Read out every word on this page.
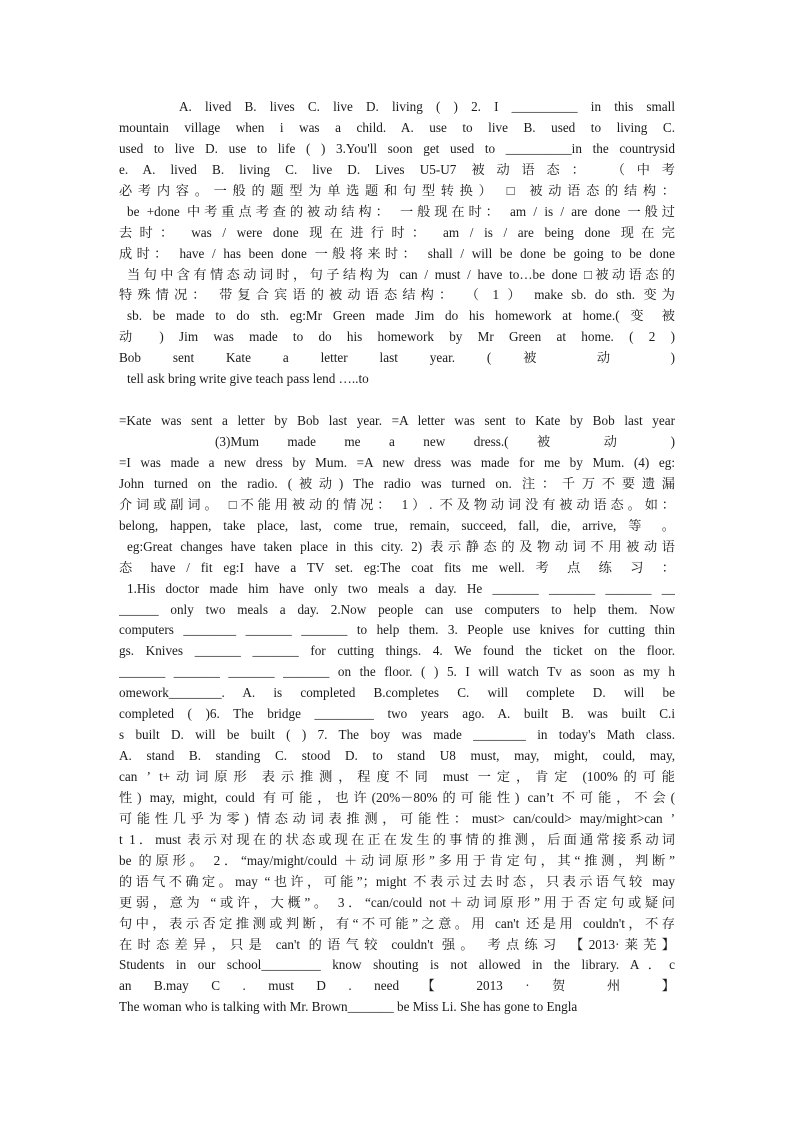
A. lived B. lives C. live D. living ( ) 2. I __________ in this small
mountain village when i was a child. A. use to live B. used to living C.
used to live D. use to life ( ) 3.You'll soon get used to __________in the countrysid
e. A. lived B. living C. live D. Lives U5-U7 被动语态： （中考
必考内容。一般的题型为单选题和句型转换） □ 被动语态的结构：
be +done 中考重点考查的被动结构： 一般现在时： am / is / are done 一般过
去时： was / were done 现在进行时： am / is / are being done 现在完
成时： have / has been done 一般将来时： shall / will be done be going to be done
当句中含有情态动词时，句子结构为 can / must / have to…be done □被动语态的
特殊情况： 带复合宾语的被动语态结构： （ 1 ） make sb. do sth. 变为
sb. be made to do sth. eg:Mr Green made Jim do his homework at home.( 变 被
动 ) Jim was made to do his homework by Mr Green at home. ( 2 )
Bob sent Kate a letter last year. ( 被 动 )
tell ask bring write give teach pass lend …..to
=Kate was sent a letter by Bob last year. =A letter was sent to Kate by Bob last year
(3)Mum made me a new dress.( 被 动 )
=I was made a new dress by Mum. =A new dress was made for me by Mum. (4) eg:
John turned on the radio. (被动) The radio was turned on. 注：千万不要遗漏
介词或副词。 □不能用被动的情况： 1）. 不及物动词没有被动语态。如：
belong, happen, take place, last, come true, remain, succeed, fall, die, arrive, 等 。
eg:Great changes have taken place in this city. 2) 表示静态的及物动词不用被动语
态 have / fit eg:I have a TV set. eg:The coat fits me well. 考 点 练 习 ：
1.His doctor made him have only two meals a day. He _______ _______ _______ __
______ only two meals a day. 2.Now people can use computers to help them. Now
computers ________ _______ _______ to help them. 3. People use knives for cutting thin
gs. Knives _______ _______ for cutting things. 4. We found the ticket on the floor.
_______ _______ _______ _______ on the floor. ( ) 5. I will watch Tv as soon as my h
omework________. A. is completed B.completes C. will complete D. will be
completed ( )6. The bridge _________ two years ago. A. built B. was built C.i
s built D. will be built ( ) 7. The boy was made ________ in today's Math class.
A. stand B. standing C. stood D. to stand U8 must, may, might, could, may,
can ’ t+动词原形 表示推测，程度不同 must 一定，肯定 (100%的可能
性) may, might, could 有可能，也许(20%－80%的可能性) can’t 不可能，不会(
可能性几乎为零) 情态动词表推测，可能性：must> can/could> may/might>can ’
t 1．must 表示对现在的状态或现在正在发生的事情的推测，后面通常接系动词
be 的原形。 2．“may/might/could ＋动词原形”多用于肯定句，其“推测，判断”
的语气不确定。may “也许，可能”；might 不表示过去时态，只表示语气较 may
更弱，意为 “或许，大概”。 3．“can/could not＋动词原形”用于否定句或疑问
句中，表示否定推测或判断，有“不可能”之意。用 can't 还是用 couldn't，不存
在时态差异，只是 can't 的语气较 couldn't 强。 考点练习 【2013·莱芜】
Students in our school_________ know shouting is not allowed in the library. A．c
an B.may C . must D . need 【 2013 · 贺 州 】
The woman who is talking with Mr. Brown_______ be Miss Li. She has gone to Engla
